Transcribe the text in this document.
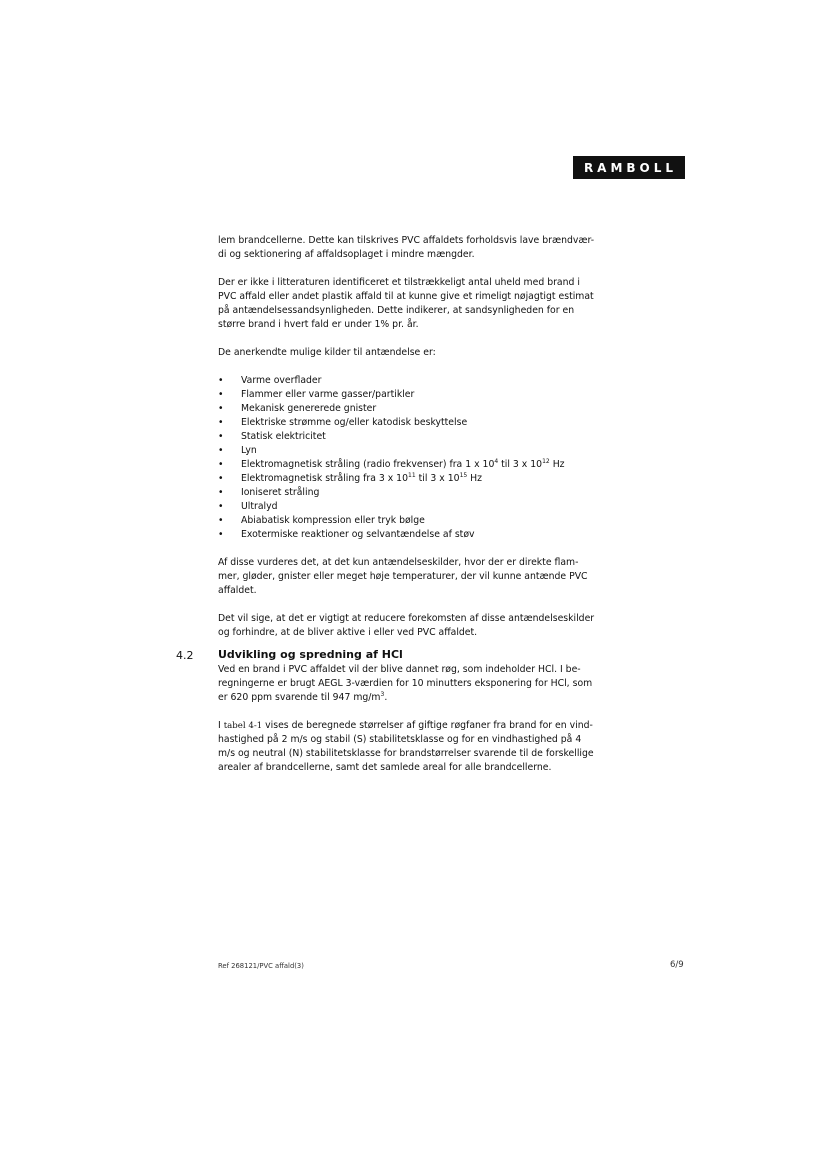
RAMBOLL

lem brandcellerne. Dette kan tilskrives PVC affaldets forholdsvis lave brændvær-
di og sektionering af affaldsoplaget i mindre mængder.

Der er ikke i litteraturen identificeret et tilstrækkeligt antal uheld med brand i
PVC affald eller andet plastik affald til at kunne give et rimeligt nøjagtigt estimat
på antændelsessandsynligheden. Dette indikerer, at sandsynligheden for en
større brand i hvert fald er under 1% pr. år.

De anerkendte mulige kilder til antændelse er:

• Varme overflader
• Flammer eller varme gasser/partikler
• Mekanisk genererede gnister
• Elektriske strømme og/eller katodisk beskyttelse
• Statisk elektricitet
• Lyn
• Elektromagnetisk stråling (radio frekvenser) fra 1 x $10^4$ til 3 x $10^{12}$ Hz
• Elektromagnetisk stråling fra 3 x $10^{11}$ til 3 x $10^{15}$ Hz
• Ioniseret stråling
• Ultralyd
• Abiabatisk kompression eller tryk bølge
• Exotermiske reaktioner og selvantændelse af støv

Af disse vurderes det, at det kun antændelseskilder, hvor der er direkte flam-
mer, gløder, gnister eller meget høje temperaturer, der vil kunne antænde PVC
affaldet.

Det vil sige, at det er vigtigt at reducere forekomsten af disse antændelseskilder
og forhindre, at de bliver aktive i eller ved PVC affaldet.

4.2 Udvikling og spredning af HCl

Ved en brand i PVC affaldet vil der blive dannet røg, som indeholder HCl. I be-
regningerne er brugt AEGL 3-værdien for 10 minutters eksponering for HCl, som
er 620 ppm svarende til 947 $mg/m^3$.

I tabel 4-1 vises de beregnede størrelser af giftige røgfaner fra brand for en vind-
hastighed på 2 m/s og stabil (S) stabilitetsklasse og for en vindhastighed på 4
m/s og neutral (N) stabilitetsklasse for brandstørrelser svarende til de forskellige
arealer af brandcellerne, samt det samlede areal for alle brandcellerne.

Ref 268121/PVC affald(3)	6/9
